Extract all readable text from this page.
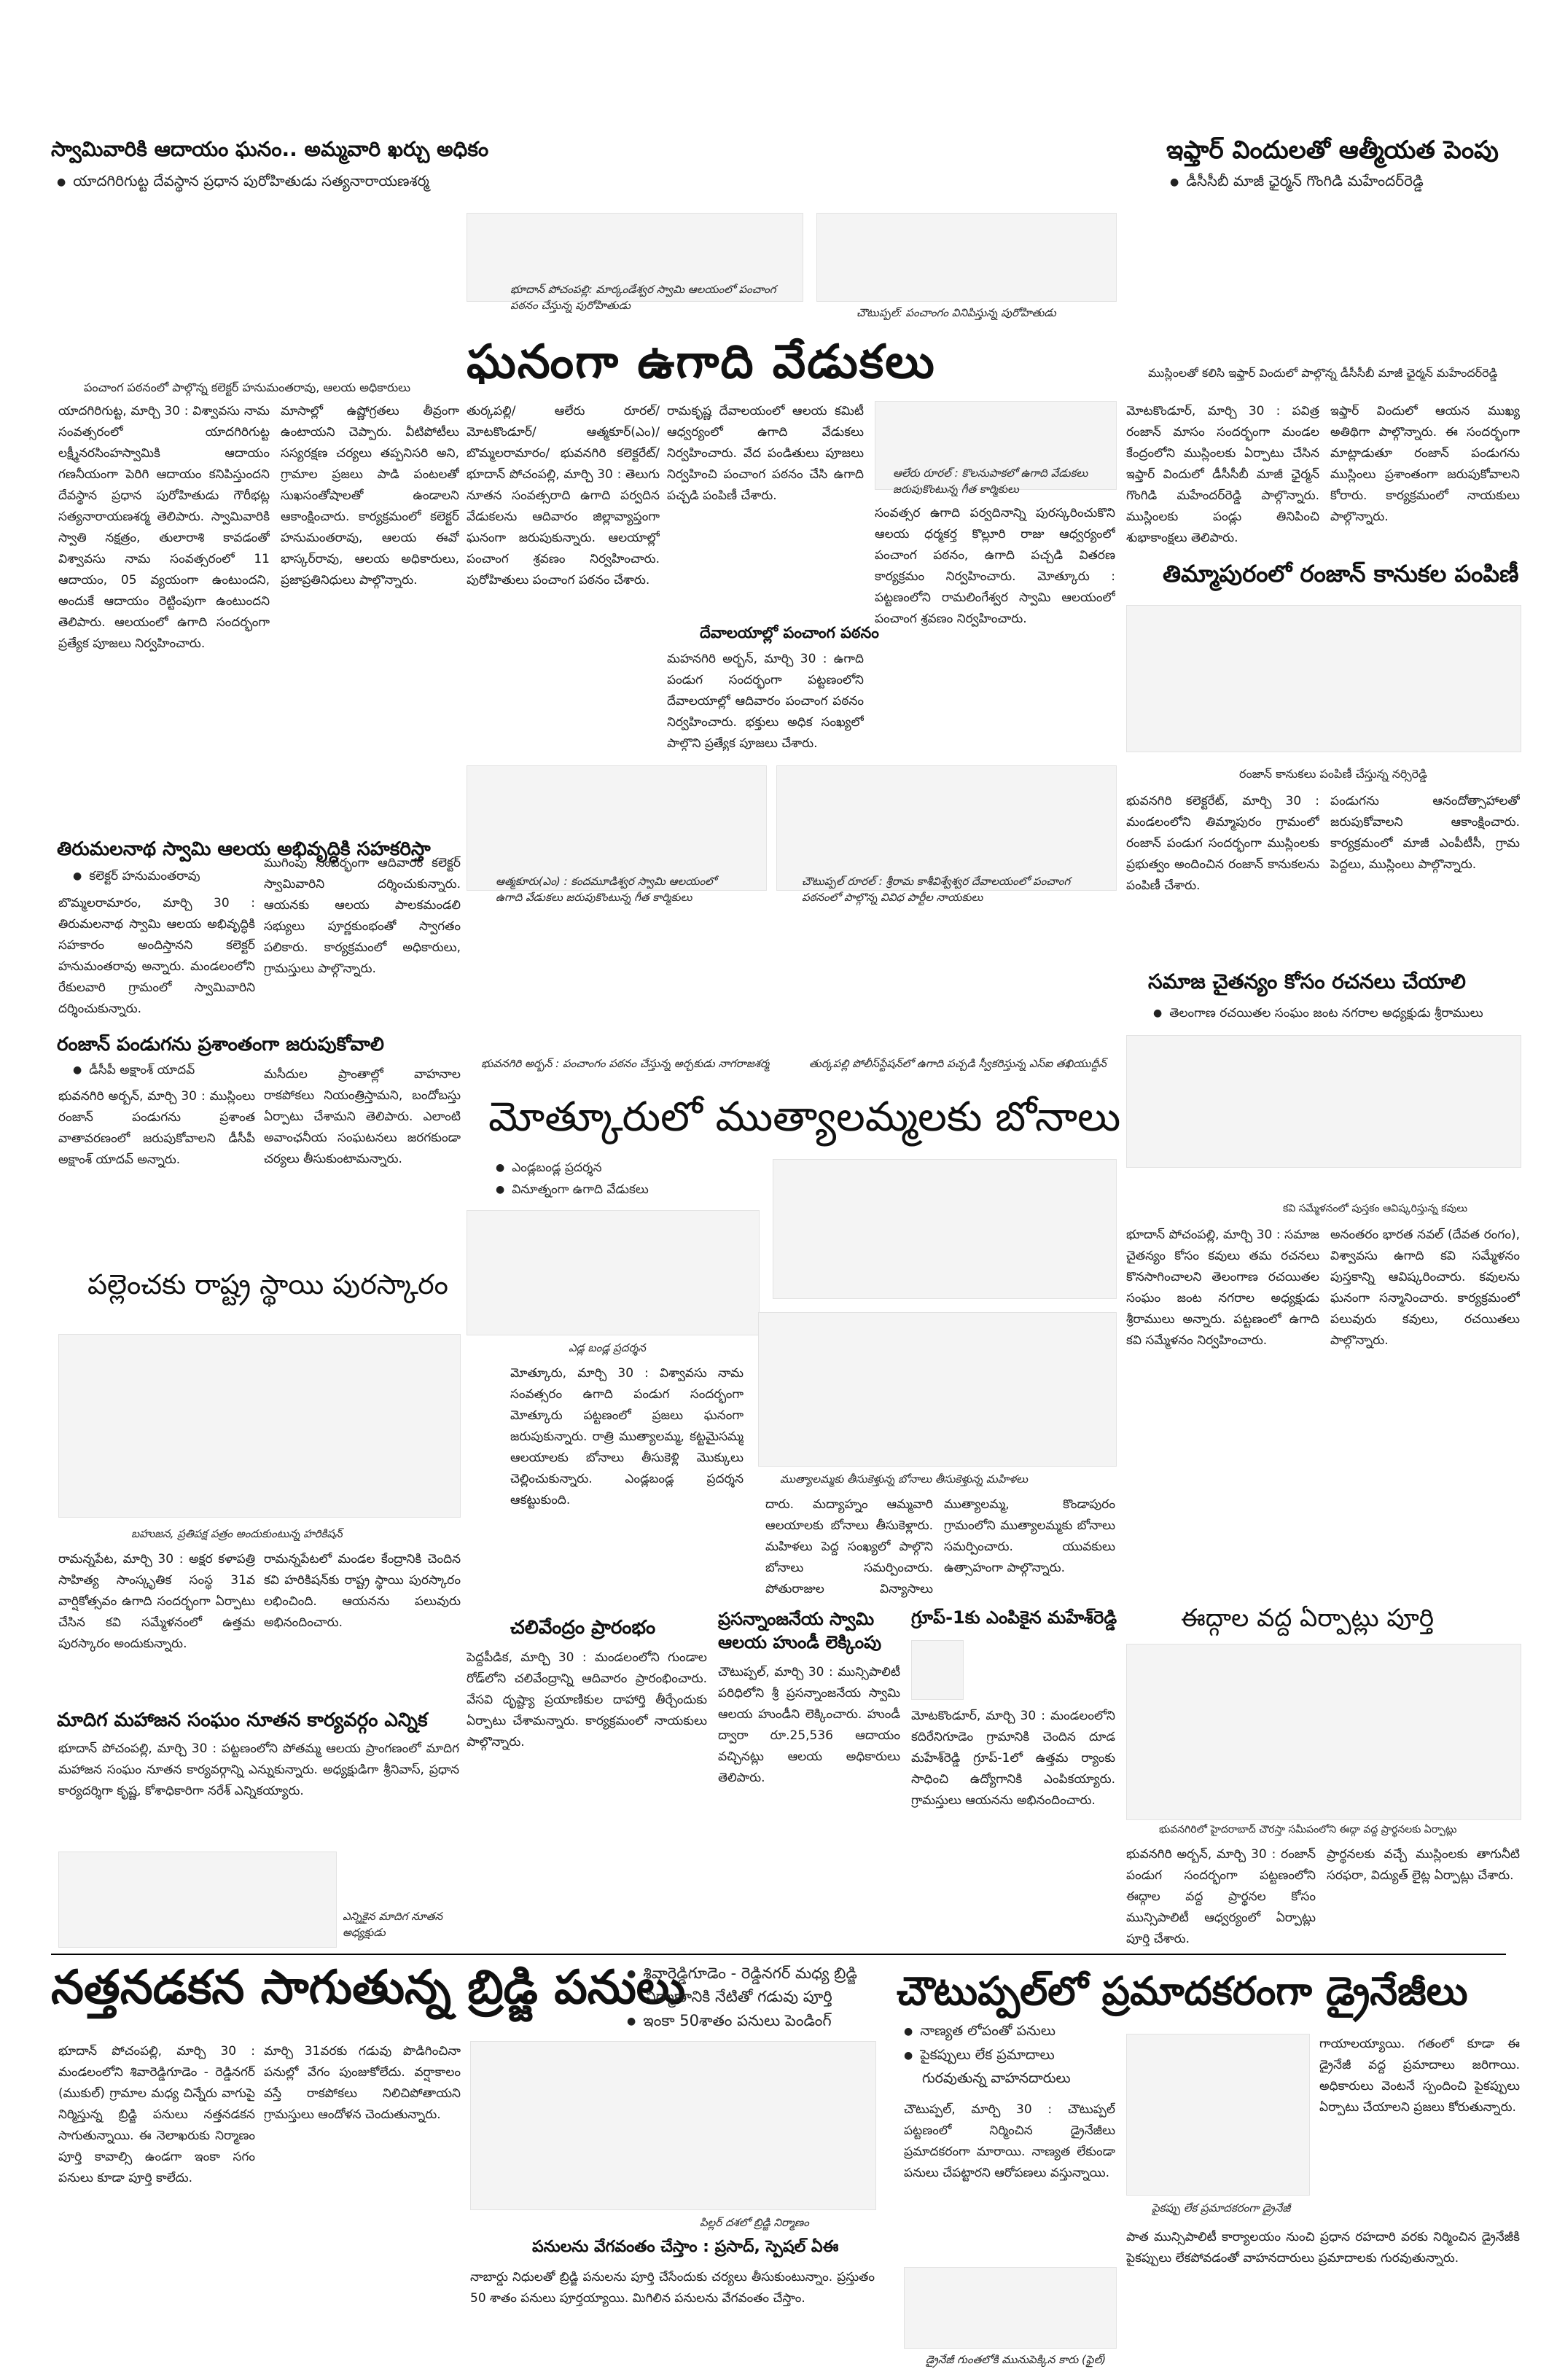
స్వామివారికి ఆదాయం ఘనం.. అమ్మవారి ఖర్చు అధికం
● యాదగిరిగుట్ట దేవస్థాన ప్రధాన పురోహితుడు సత్యనారాయణశర్మ
ఇఫ్తార్ విందులతో ఆత్మీయత పెంపు
● డీసీసీబీ మాజీ ఛైర్మన్ గొంగిడి మహేందర్‌రెడ్డి
భూదాన్ పోచంపల్లి: మార్కండేశ్వర స్వామి ఆలయంలో పంచాంగ పఠనం చేస్తున్న పురోహితుడు
చౌటుప్పల్: పంచాంగం వినిపిస్తున్న పురోహితుడు
పంచాంగ పఠనంలో పాల్గొన్న కలెక్టర్ హనుమంతరావు, ఆలయ అధికారులు	ఘనంగా ఉగాది వేడుకలు	ముస్లింలతో కలిసి ఇఫ్తార్ విందులో పాల్గొన్న డీసీసీబీ మాజీ ఛైర్మన్ మహేందర్‌రెడ్డి
యాదగిరిగుట్ట, మార్చి 30 : విశ్వావసు నామ సంవత్సరంలో యాదగిరిగుట్ట లక్ష్మీనరసింహస్వామికి ఆదాయం గణనీయంగా పెరిగి ఆదాయం కనిపిస్తుందని దేవస్థాన ప్రధాన పురోహితుడు గౌరీభట్ల సత్యనారాయణశర్మ తెలిపారు. స్వామివారికి స్వాతి నక్షత్రం, తులారాశి కావడంతో విశ్వావసు నామ సంవత్సరంలో 11 ఆదాయం, 05 వ్యయంగా ఉంటుందని, అందుకే ఆదాయం రెట్టింపుగా ఉంటుందని తెలిపారు. ఆలయంలో ఉగాది సందర్భంగా ప్రత్యేక పూజలు నిర్వహించారు.
మాసాల్లో ఉష్ణోగ్రతలు తీవ్రంగా ఉంటాయని చెప్పారు. వీటిపోటీలు సస్యరక్షణ చర్యలు తప్పనిసరి అని, గ్రామాల ప్రజలు పాడి పంటలతో సుఖసంతోషాలతో ఉండాలని ఆకాంక్షించారు. కార్యక్రమంలో కలెక్టర్ హనుమంతరావు, ఆలయ ఈవో భాస్కర్‌రావు, ఆలయ అధికారులు, ప్రజాప్రతినిధులు పాల్గొన్నారు.
తుర్కపల్లి/ ఆలేరు రూరల్/ మోటకొండూర్/ ఆత్మకూర్(ఎం)/ బొమ్మలరామారం/ భువనగిరి కలెక్టరేట్/ భూదాన్ పోచంపల్లి, మార్చి 30 : తెలుగు నూతన సంవత్సరాది ఉగాది పర్వదిన వేడుకలను ఆదివారం జిల్లావ్యాప్తంగా ఘనంగా జరుపుకున్నారు. ఆలయాల్లో పంచాంగ శ్రవణం నిర్వహించారు. పురోహితులు పంచాంగ పఠనం చేశారు.
రామకృష్ణ దేవాలయంలో ఆలయ కమిటీ ఆధ్వర్యంలో ఉగాది వేడుకలు నిర్వహించారు. వేద పండితులు పూజలు నిర్వహించి పంచాంగ పఠనం చేసి ఉగాది పచ్చడి పంపిణీ చేశారు.
దేవాలయాల్లో పంచాంగ పఠనం
మహనగిరి అర్బన్, మార్చి 30 : ఉగాది పండుగ సందర్భంగా పట్టణంలోని దేవాలయాల్లో ఆదివారం పంచాంగ పఠనం నిర్వహించారు. భక్తులు అధిక సంఖ్యలో పాల్గొని ప్రత్యేక పూజలు చేశారు.
ఆలేరు రూరల్ : కొలనుపాకలో ఉగాది వేడుకలు జరుపుకొంటున్న గీత కార్మికులు
సంవత్సర ఉగాది పర్వదినాన్ని పురస్కరించుకొని ఆలయ ధర్మకర్త కొల్లూరి రాజు ఆధ్వర్యంలో పంచాంగ పఠనం, ఉగాది పచ్చడి వితరణ కార్యక్రమం నిర్వహించారు. మోత్కూరు : పట్టణంలోని రామలింగేశ్వర స్వామి ఆలయంలో పంచాంగ శ్రవణం నిర్వహించారు.
మోటకొండూర్, మార్చి 30 : పవిత్ర రంజాన్ మాసం సందర్భంగా మండల కేంద్రంలోని ముస్లింలకు ఏర్పాటు చేసిన ఇఫ్తార్ విందులో డీసీసీబీ మాజీ ఛైర్మన్ గొంగిడి మహేందర్‌రెడ్డి పాల్గొన్నారు. ముస్లింలకు పండ్లు తినిపించి శుభాకాంక్షలు తెలిపారు.
ఇఫ్తార్ విందులో ఆయన ముఖ్య అతిథిగా పాల్గొన్నారు. ఈ సందర్భంగా మాట్లాడుతూ రంజాన్ పండుగను ముస్లింలు ప్రశాంతంగా జరుపుకోవాలని కోరారు. కార్యక్రమంలో నాయకులు పాల్గొన్నారు.
తిమ్మాపురంలో రంజాన్ కానుకల పంపిణీ
తిరుమలనాథ స్వామి ఆలయ అభివృద్ధికి సహకరిస్తా
● కలెక్టర్ హనుమంతరావు
బొమ్మలరామారం, మార్చి 30 : తిరుమలనాథ స్వామి ఆలయ అభివృద్ధికి సహకారం అందిస్తానని కలెక్టర్ హనుమంతరావు అన్నారు. మండలంలోని రేకులవారి గ్రామంలో స్వామివారిని దర్శించుకున్నారు.
ముగింపు సందర్భంగా ఆదివారం కలెక్టర్ స్వామివారిని దర్శించుకున్నారు. ఆయనకు ఆలయ పాలకమండలి సభ్యులు పూర్ణకుంభంతో స్వాగతం పలికారు. కార్యక్రమంలో అధికారులు, గ్రామస్తులు పాల్గొన్నారు.
రంజాన్ పండుగను ప్రశాంతంగా జరుపుకోవాలి
● డీసీపీ అక్షాంశ్ యాదవ్
భువనగిరి అర్బన్, మార్చి 30 : ముస్లింలు రంజాన్ పండుగను ప్రశాంత వాతావరణంలో జరుపుకోవాలని డీసీపీ అక్షాంశ్ యాదవ్ అన్నారు.
మసీదుల ప్రాంతాల్లో వాహనాల రాకపోకలు నియంత్రిస్తామని, బందోబస్తు ఏర్పాటు చేశామని తెలిపారు. ఎలాంటి అవాంఛనీయ సంఘటనలు జరగకుండా చర్యలు తీసుకుంటామన్నారు.
పల్లెంచకు రాష్ట్ర స్థాయి పురస్కారం
ఆత్మకూరు(ఎం) : కందమూడిశ్వర స్వామి ఆలయంలో ఉగాది వేడుకలు జరుపుకొంటున్న గీత కార్మికులు
చౌటుప్పల్ రూరల్ : శ్రీరామ కాశీవిశ్వేశ్వర దేవాలయంలో పంచాంగ పఠనంలో పాల్గొన్న వివిధ పార్టీల నాయకులు
రంజాన్ కానుకలు పంపిణీ చేస్తున్న నర్సిరెడ్డి
భువనగిరి కలెక్టరేట్, మార్చి 30 : మండలంలోని తిమ్మాపురం గ్రామంలో రంజాన్ పండుగ సందర్భంగా ముస్లింలకు ప్రభుత్వం అందించిన రంజాన్ కానుకలను పంపిణీ చేశారు.
పండుగను ఆనందోత్సాహాలతో జరుపుకోవాలని ఆకాంక్షించారు. కార్యక్రమంలో మాజీ ఎంపీటీసీ, గ్రామ పెద్దలు, ముస్లింలు పాల్గొన్నారు.
సమాజ చైతన్యం కోసం రచనలు చేయాలి
● తెలంగాణ రచయితల సంఘం జంట నగరాల అధ్యక్షుడు శ్రీరాములు
భువనగిరి అర్బన్ : పంచాంగం పఠనం చేస్తున్న అర్చకుడు నాగరాజశర్మ	తుర్కపల్లి పోలీస్‌స్టేషన్‌లో ఉగాది పచ్చడి స్వీకరిస్తున్న ఎస్ఐ తఖియుద్దీన్
మోత్కూరులో ముత్యాలమ్మలకు బోనాలు
● ఎండ్లబండ్ల ప్రదర్శన
● వినూత్నంగా ఉగాది వేడుకలు
ఎడ్ల బండ్ల ప్రదర్శన
మోత్కూరు, మార్చి 30 : విశ్వావసు నామ సంవత్సరం ఉగాది పండుగ సందర్భంగా మోత్కూరు పట్టణంలో ప్రజలు ఘనంగా జరుపుకున్నారు. రాత్రి ముత్యాలమ్మ, కట్టమైసమ్మ ఆలయాలకు బోనాలు తీసుకెళ్లి మొక్కులు చెల్లించుకున్నారు. ఎండ్లబండ్ల ప్రదర్శన ఆకట్టుకుంది.
ముత్యాలమ్మకు తీసుకెళ్తున్న బోనాలు తీసుకెళ్తున్న మహిళలు
కవి సమ్మేళనంలో పుస్తకం ఆవిష్కరిస్తున్న కవులు
భూదాన్ పోచంపల్లి, మార్చి 30 : సమాజ చైతన్యం కోసం కవులు తమ రచనలు కొనసాగించాలని తెలంగాణ రచయితల సంఘం జంట నగరాల అధ్యక్షుడు శ్రీరాములు అన్నారు. పట్టణంలో ఉగాది కవి సమ్మేళనం నిర్వహించారు.
అనంతరం భారత నవల్ (దేవత రంగం), విశ్వావసు ఉగాది కవి సమ్మేళనం పుస్తకాన్ని ఆవిష్కరించారు. కవులను ఘనంగా సన్మానించారు. కార్యక్రమంలో పలువురు కవులు, రచయితలు పాల్గొన్నారు.
ఈద్గాల వద్ద ఏర్పాట్లు పూర్తి
బహుజన, ప్రతిపక్ష పత్రం అందుకుంటున్న హరికిషన్
రామన్నపేట, మార్చి 30 : అక్షర కళాపత్రి సాహిత్య సాంస్కృతిక సంస్థ 31వ వార్షికోత్సవం ఉగాది సందర్భంగా ఏర్పాటు చేసిన కవి సమ్మేళనంలో ఉత్తమ పురస్కారం అందుకున్నారు.
రామన్నపేటలో మండల కేంద్రానికి చెందిన కవి హరికిషన్‌కు రాష్ట్ర స్థాయి పురస్కారం లభించింది. ఆయనను పలువురు అభినందించారు.
దారు. మద్యాహ్నం ఆమ్మవారి ఆలయాలకు బోనాలు తీసుకెళ్లారు. మహిళలు పెద్ద సంఖ్యలో పాల్గొని బోనాలు సమర్పించారు. పోతురాజుల విన్యాసాలు
ముత్యాలమ్మ, కొండాపురం గ్రామంలోని ముత్యాలమ్మకు బోనాలు సమర్పించారు. యువకులు ఉత్సాహంగా పాల్గొన్నారు.
మాదిగ మహాజన సంఘం నూతన కార్యవర్గం ఎన్నిక
భూదాన్ పోచంపల్లి, మార్చి 30 : పట్టణంలోని పోతమ్మ ఆలయ ప్రాంగణంలో మాదిగ మహాజన సంఘం నూతన కార్యవర్గాన్ని ఎన్నుకున్నారు. అధ్యక్షుడిగా శ్రీనివాస్, ప్రధాన కార్యదర్శిగా కృష్ణ, కోశాధికారిగా నరేశ్ ఎన్నికయ్యారు.
ఎన్నికైన మాదిగ నూతన అధ్యక్షుడు
చలివేంద్రం ప్రారంభం
పెద్దపీడిక, మార్చి 30 : మండలంలోని గుండాల రోడ్‌లోని చలివేంద్రాన్ని ఆదివారం ప్రారంభించారు. వేసవి దృష్ట్యా ప్రయాణికుల దాహార్తి తీర్చేందుకు ఏర్పాటు చేశామన్నారు. కార్యక్రమంలో నాయకులు పాల్గొన్నారు.
ప్రసన్నాంజనేయ స్వామి ఆలయ హుండీ లెక్కింపు
చౌటుప్పల్, మార్చి 30 : మున్సిపాలిటీ పరిధిలోని శ్రీ ప్రసన్నాంజనేయ స్వామి ఆలయ హుండీని లెక్కించారు. హుండీ ద్వారా రూ.25,536 ఆదాయం వచ్చినట్లు ఆలయ అధికారులు తెలిపారు.
గ్రూప్-1కు ఎంపికైన మహేశ్‌రెడ్డి
మోటకొండూర్, మార్చి 30 : మండలంలోని కదిరేనిగూడెం గ్రామానికి చెందిన దూడ మహేశ్‌రెడ్డి గ్రూప్-1లో ఉత్తమ ర్యాంకు సాధించి ఉద్యోగానికి ఎంపికయ్యారు. గ్రామస్తులు ఆయనను అభినందించారు.
భువనగిరిలో హైదరాబాద్ చౌరస్తా సమీపంలోని ఈద్గా వద్ద ప్రార్థనలకు ఏర్పాట్లు
భువనగిరి అర్బన్, మార్చి 30 : రంజాన్ పండుగ సందర్భంగా పట్టణంలోని ఈద్గాల వద్ద ప్రార్థనల కోసం మున్సిపాలిటీ ఆధ్వర్యంలో ఏర్పాట్లు పూర్తి చేశారు.
ప్రార్థనలకు వచ్చే ముస్లింలకు తాగునీటి సరఫరా, విద్యుత్ లైట్ల ఏర్పాట్లు చేశారు.
నత్తనడకన సాగుతున్న బ్రిడ్జి పనులు
● శివారెడ్డిగూడెం - రెడ్డినగర్ మధ్య బ్రిడ్జి
నిర్మాణానికి నేటితో గడువు పూర్తి
● ఇంకా 50శాతం పనులు పెండింగ్
భూదాన్ పోచంపల్లి, మార్చి 30 : మండలంలోని శివారెడ్డిగూడెం - రెడ్డినగర్ (ముకుల్) గ్రామాల మధ్య చిన్నేరు వాగుపై నిర్మిస్తున్న బ్రిడ్జి పనులు నత్తనడకన సాగుతున్నాయి. ఈ నెలాఖరుకు నిర్మాణం పూర్తి కావాల్సి ఉండగా ఇంకా సగం పనులు కూడా పూర్తి కాలేదు.
మార్చి 31వరకు గడువు పొడిగించినా పనుల్లో వేగం పుంజుకోలేదు. వర్షాకాలం వస్తే రాకపోకలు నిలిచిపోతాయని గ్రామస్తులు ఆందోళన చెందుతున్నారు.
పిల్లర్ దశలో బ్రిడ్జి నిర్మాణం
పనులను వేగవంతం చేస్తాం : ప్రసాద్, స్పెషల్ ఏఈ
నాబార్డు నిధులతో బ్రిడ్జి పనులను పూర్తి చేసేందుకు చర్యలు తీసుకుంటున్నాం. ప్రస్తుతం 50 శాతం పనులు పూర్తయ్యాయి. మిగిలిన పనులను వేగవంతం చేస్తాం.
చౌటుప్పల్‌లో ప్రమాదకరంగా డ్రైనేజీలు
● నాణ్యత లోపంతో పనులు
● పైకప్పులు లేక ప్రమాదాలు
గురవుతున్న వాహనదారులు
చౌటుప్పల్, మార్చి 30 : చౌటుప్పల్ పట్టణంలో నిర్మించిన డ్రైనేజీలు ప్రమాదకరంగా మారాయి. నాణ్యత లేకుండా పనులు చేపట్టారని ఆరోపణలు వస్తున్నాయి.
గాయాలయ్యాయి. గతంలో కూడా ఈ డ్రైనేజీ వద్ద ప్రమాదాలు జరిగాయి. అధికారులు వెంటనే స్పందించి పైకప్పులు ఏర్పాటు చేయాలని ప్రజలు కోరుతున్నారు.
పైకప్పు లేక ప్రమాదకరంగా డ్రైనేజీ
పాత మున్సిపాలిటీ కార్యాలయం నుంచి ప్రధాన రహదారి వరకు నిర్మించిన డ్రైనేజీకి పైకప్పులు లేకపోవడంతో వాహనదారులు ప్రమాదాలకు గురవుతున్నారు.
డ్రైనేజీ గుంతలోకి మునుపెక్కిన కారు (ఫైల్)
